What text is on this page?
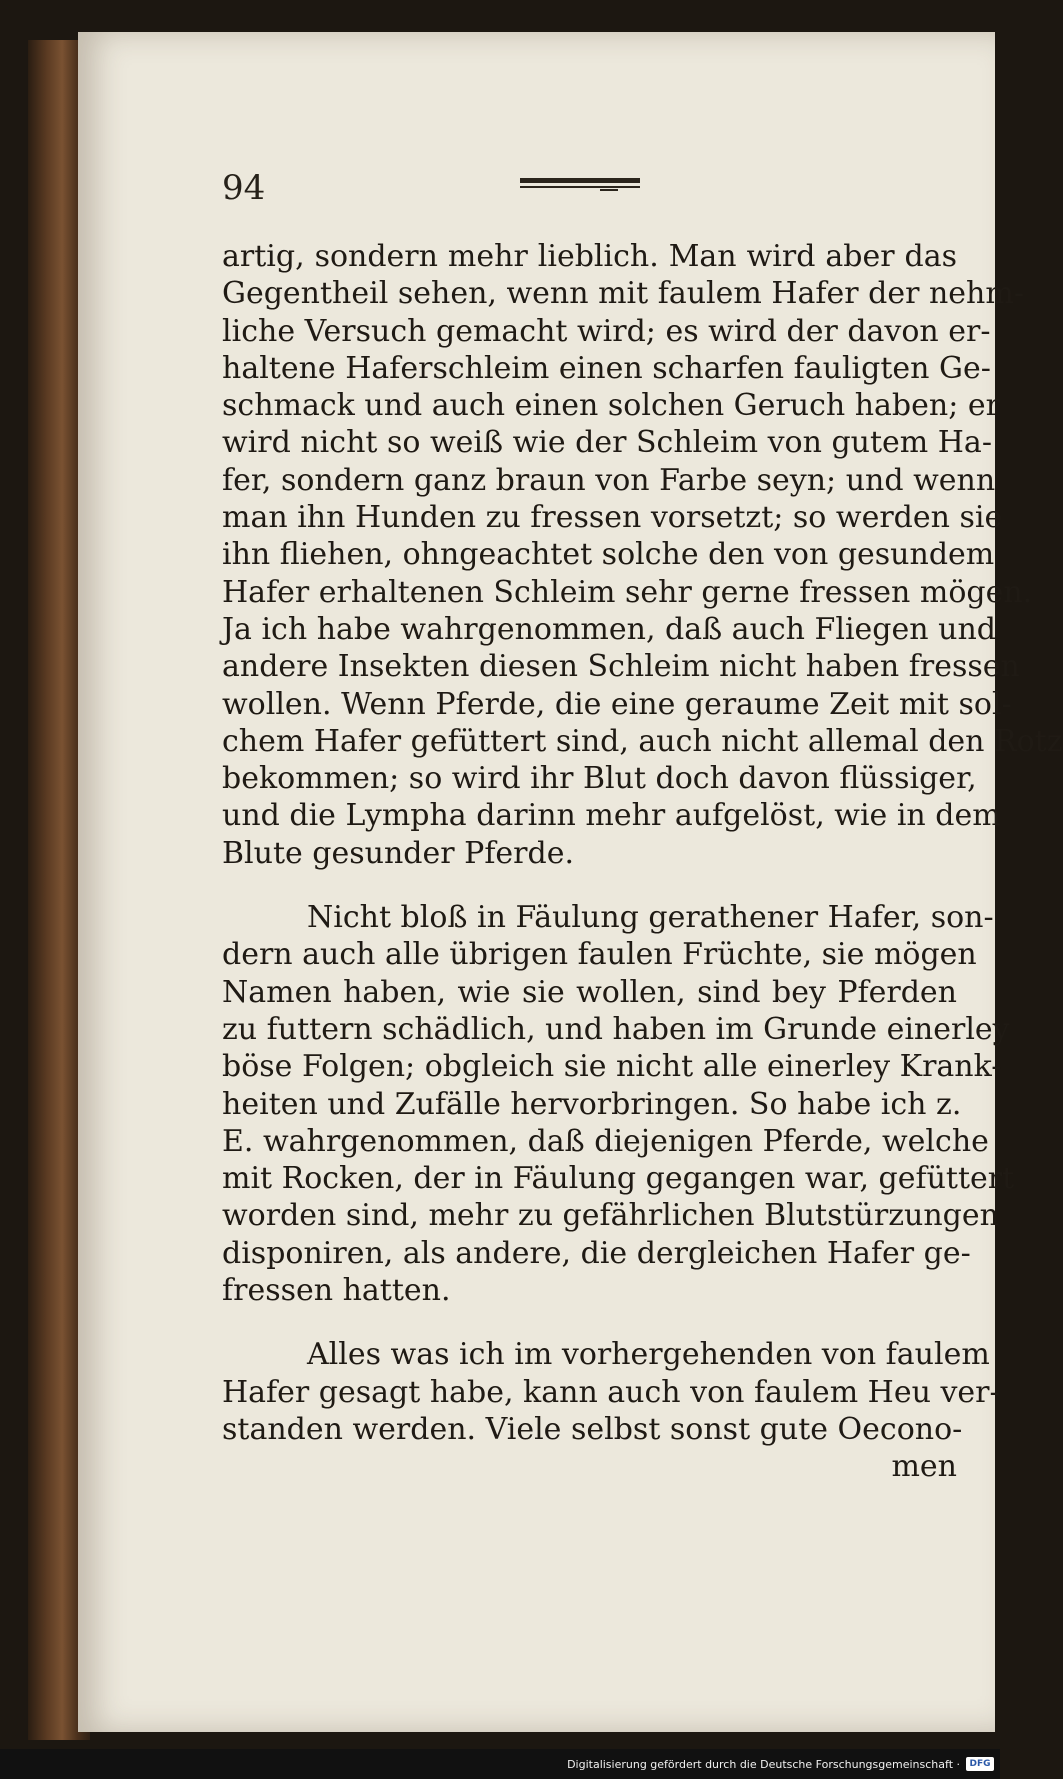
94
artig, sondern mehr lieblich. Man wird aber das
Gegentheil sehen, wenn mit faulem Hafer der nehm-
liche Versuch gemacht wird; es wird der davon er-
haltene Haferschleim einen scharfen fauligten Ge-
schmack und auch einen solchen Geruch haben; er
wird nicht so weiß wie der Schleim von gutem Ha-
fer, sondern ganz braun von Farbe seyn; und wenn
man ihn Hunden zu fressen vorsetzt; so werden sie
ihn fliehen, ohngeachtet solche den von gesundem
Hafer erhaltenen Schleim sehr gerne fressen mögen.
Ja ich habe wahrgenommen, daß auch Fliegen und
andere Insekten diesen Schleim nicht haben fressen
wollen. Wenn Pferde, die eine geraume Zeit mit sol-
chem Hafer gefüttert sind, auch nicht allemal den Rotz
bekommen; so wird ihr Blut doch davon flüssiger,
und die Lympha darinn mehr aufgelöst, wie in dem
Blute gesunder Pferde.
Nicht bloß in Fäulung gerathener Hafer, son-
dern auch alle übrigen faulen Früchte, sie mögen
Namen haben, wie sie wollen, sind bey Pferden
zu futtern schädlich, und haben im Grunde einerley
böse Folgen; obgleich sie nicht alle einerley Krank-
heiten und Zufälle hervorbringen. So habe ich z.
E. wahrgenommen, daß diejenigen Pferde, welche
mit Rocken, der in Fäulung gegangen war, gefüttert
worden sind, mehr zu gefährlichen Blutstürzungen
disponiren, als andere, die dergleichen Hafer ge-
fressen hatten.
Alles was ich im vorhergehenden von faulem
Hafer gesagt habe, kann auch von faulem Heu ver-
standen werden. Viele selbst sonst gute Oecono-
men
Digitalisierung gefördert durch die Deutsche Forschungsgemeinschaft ·	DFG
